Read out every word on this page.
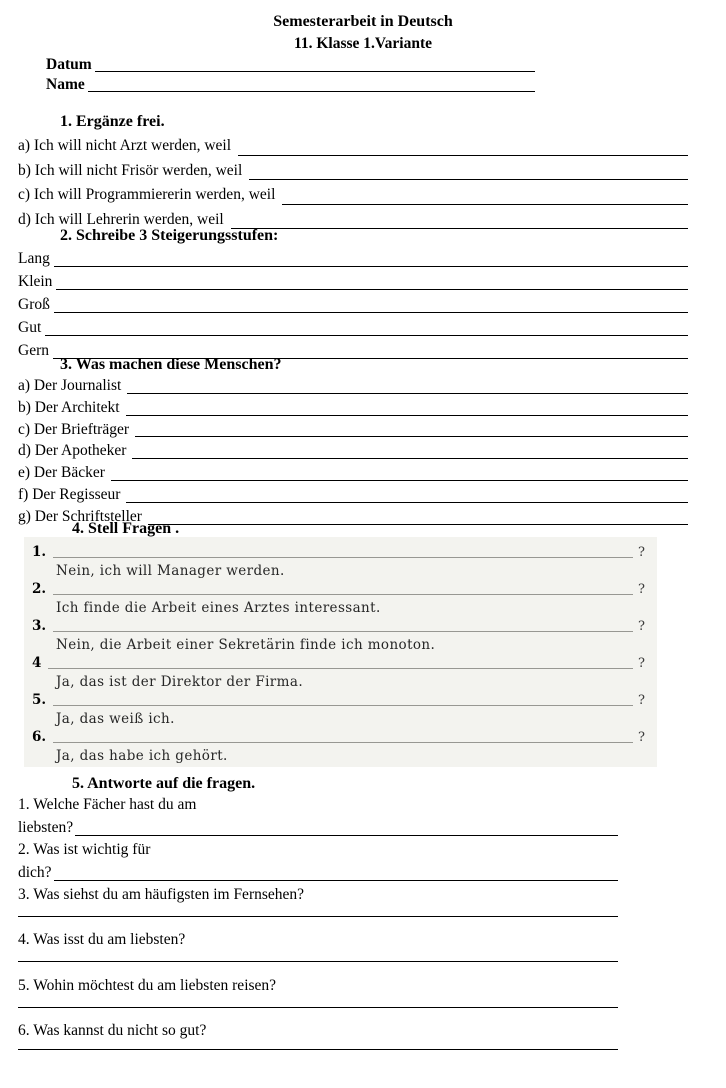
Semesterarbeit in Deutsch
11. Klasse 1.Variante
Datum
Name
1. Ergänze frei.
a) Ich will nicht Arzt werden, weil
b) Ich will nicht Frisör werden, weil
c) Ich will Programmiererin werden, weil
d) Ich will Lehrerin werden, weil
2. Schreibe 3 Steigerungsstufen:
Lang
Klein
Groß
Gut
Gern
3. Was machen diese Menschen?
a) Der Journalist
b) Der Architekt
c) Der Briefträger
d) Der Apotheker
e) Der Bäcker
f) Der Regisseur
g) Der Schriftsteller
4. Stell Fragen .
1.	?
Nein, ich will Manager werden.
2.	?
Ich finde die Arbeit eines Arztes interessant.
3.	?
Nein, die Arbeit einer Sekretärin finde ich monoton.
4	?
Ja, das ist der Direktor der Firma.
5.	?
Ja, das weiß ich.
6.	?
Ja, das habe ich gehört.
5. Antworte auf die fragen.
1. Welche Fächer hast du am
liebsten?
2. Was ist wichtig für
dich?
3. Was siehst du am häufigsten im Fernsehen?
4. Was isst du am liebsten?
5. Wohin möchtest du am liebsten reisen?
6. Was kannst du nicht so gut?
